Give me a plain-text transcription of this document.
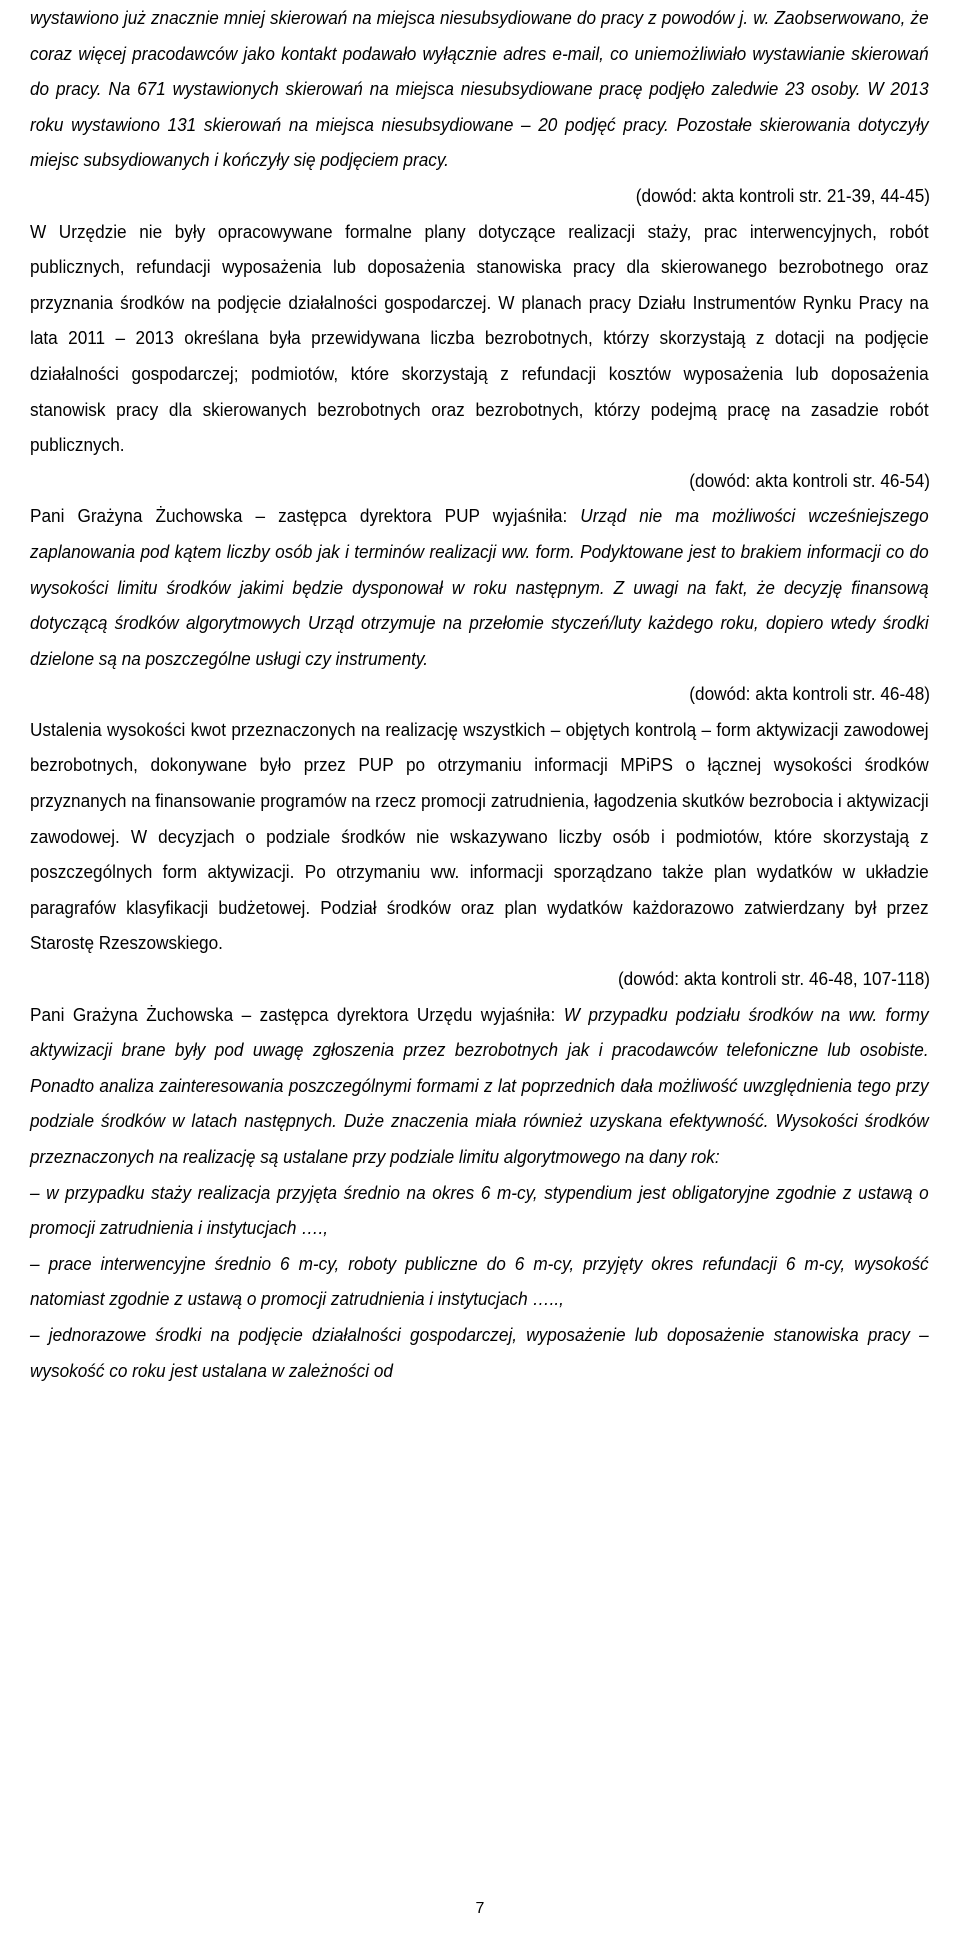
wystawiono już znacznie mniej skierowań na miejsca niesubsydiowane do pracy z powodów j. w. Zaobserwowano, że coraz więcej pracodawców jako kontakt podawało wyłącznie adres e-mail, co uniemożliwiało wystawianie skierowań do pracy. Na 671 wystawionych skierowań na miejsca niesubsydiowane pracę podjęło zaledwie 23 osoby. W 2013 roku wystawiono 131 skierowań na miejsca niesubsydiowane – 20 podjęć pracy. Pozostałe skierowania dotyczyły miejsc subsydiowanych i kończyły się podjęciem pracy.

(dowód: akta kontroli str. 21-39, 44-45)

W Urzędzie nie były opracowywane formalne plany dotyczące realizacji staży, prac interwencyjnych, robót publicznych, refundacji wyposażenia lub doposażenia stanowiska pracy dla skierowanego bezrobotnego oraz przyznania środków na podjęcie działalności gospodarczej. W planach pracy Działu Instrumentów Rynku Pracy na lata 2011 – 2013 określana była przewidywana liczba bezrobotnych, którzy skorzystają z dotacji na podjęcie działalności gospodarczej; podmiotów, które skorzystają z refundacji kosztów wyposażenia lub doposażenia stanowisk pracy dla skierowanych bezrobotnych oraz bezrobotnych, którzy podejmą pracę na zasadzie robót publicznych.

(dowód: akta kontroli str. 46-54)

Pani Grażyna Żuchowska – zastępca dyrektora PUP wyjaśniła: Urząd nie ma możliwości wcześniejszego zaplanowania pod kątem liczby osób jak i terminów realizacji ww. form. Podyktowane jest to brakiem informacji co do wysokości limitu środków jakimi będzie dysponował w roku następnym. Z uwagi na fakt, że decyzję finansową dotyczącą środków algorytmowych Urząd otrzymuje na przełomie styczeń/luty każdego roku, dopiero wtedy środki dzielone są na poszczególne usługi czy instrumenty.

(dowód: akta kontroli str. 46-48)

Ustalenia wysokości kwot przeznaczonych na realizację wszystkich – objętych kontrolą – form aktywizacji zawodowej bezrobotnych, dokonywane było przez PUP po otrzymaniu informacji MPiPS o łącznej wysokości środków przyznanych na finansowanie programów na rzecz promocji zatrudnienia, łagodzenia skutków bezrobocia i aktywizacji zawodowej. W decyzjach o podziale środków nie wskazywano liczby osób i podmiotów, które skorzystają z poszczególnych form aktywizacji. Po otrzymaniu ww. informacji sporządzano także plan wydatków w układzie paragrafów klasyfikacji budżetowej. Podział środków oraz plan wydatków każdorazowo zatwierdzany był przez Starostę Rzeszowskiego.

(dowód: akta kontroli str. 46-48, 107-118)

Pani Grażyna Żuchowska – zastępca dyrektora Urzędu wyjaśniła: W przypadku podziału środków na ww. formy aktywizacji brane były pod uwagę zgłoszenia przez bezrobotnych jak i pracodawców telefoniczne lub osobiste. Ponadto analiza zainteresowania poszczególnymi formami z lat poprzednich dała możliwość uwzględnienia tego przy podziale środków w latach następnych. Duże znaczenia miała również uzyskana efektywność. Wysokości środków przeznaczonych na realizację są ustalane przy podziale limitu algorytmowego na dany rok:

– w przypadku staży realizacja przyjęta średnio na okres 6 m-cy, stypendium jest obligatoryjne zgodnie z ustawą o promocji zatrudnienia i instytucjach ….,

– prace interwencyjne średnio 6 m-cy, roboty publiczne do 6 m-cy, przyjęty okres refundacji 6 m-cy, wysokość natomiast zgodnie z ustawą o promocji zatrudnienia i instytucjach …..,

– jednorazowe środki na podjęcie działalności gospodarczej, wyposażenie lub doposażenie stanowiska pracy – wysokość co roku jest ustalana w zależności od

7
